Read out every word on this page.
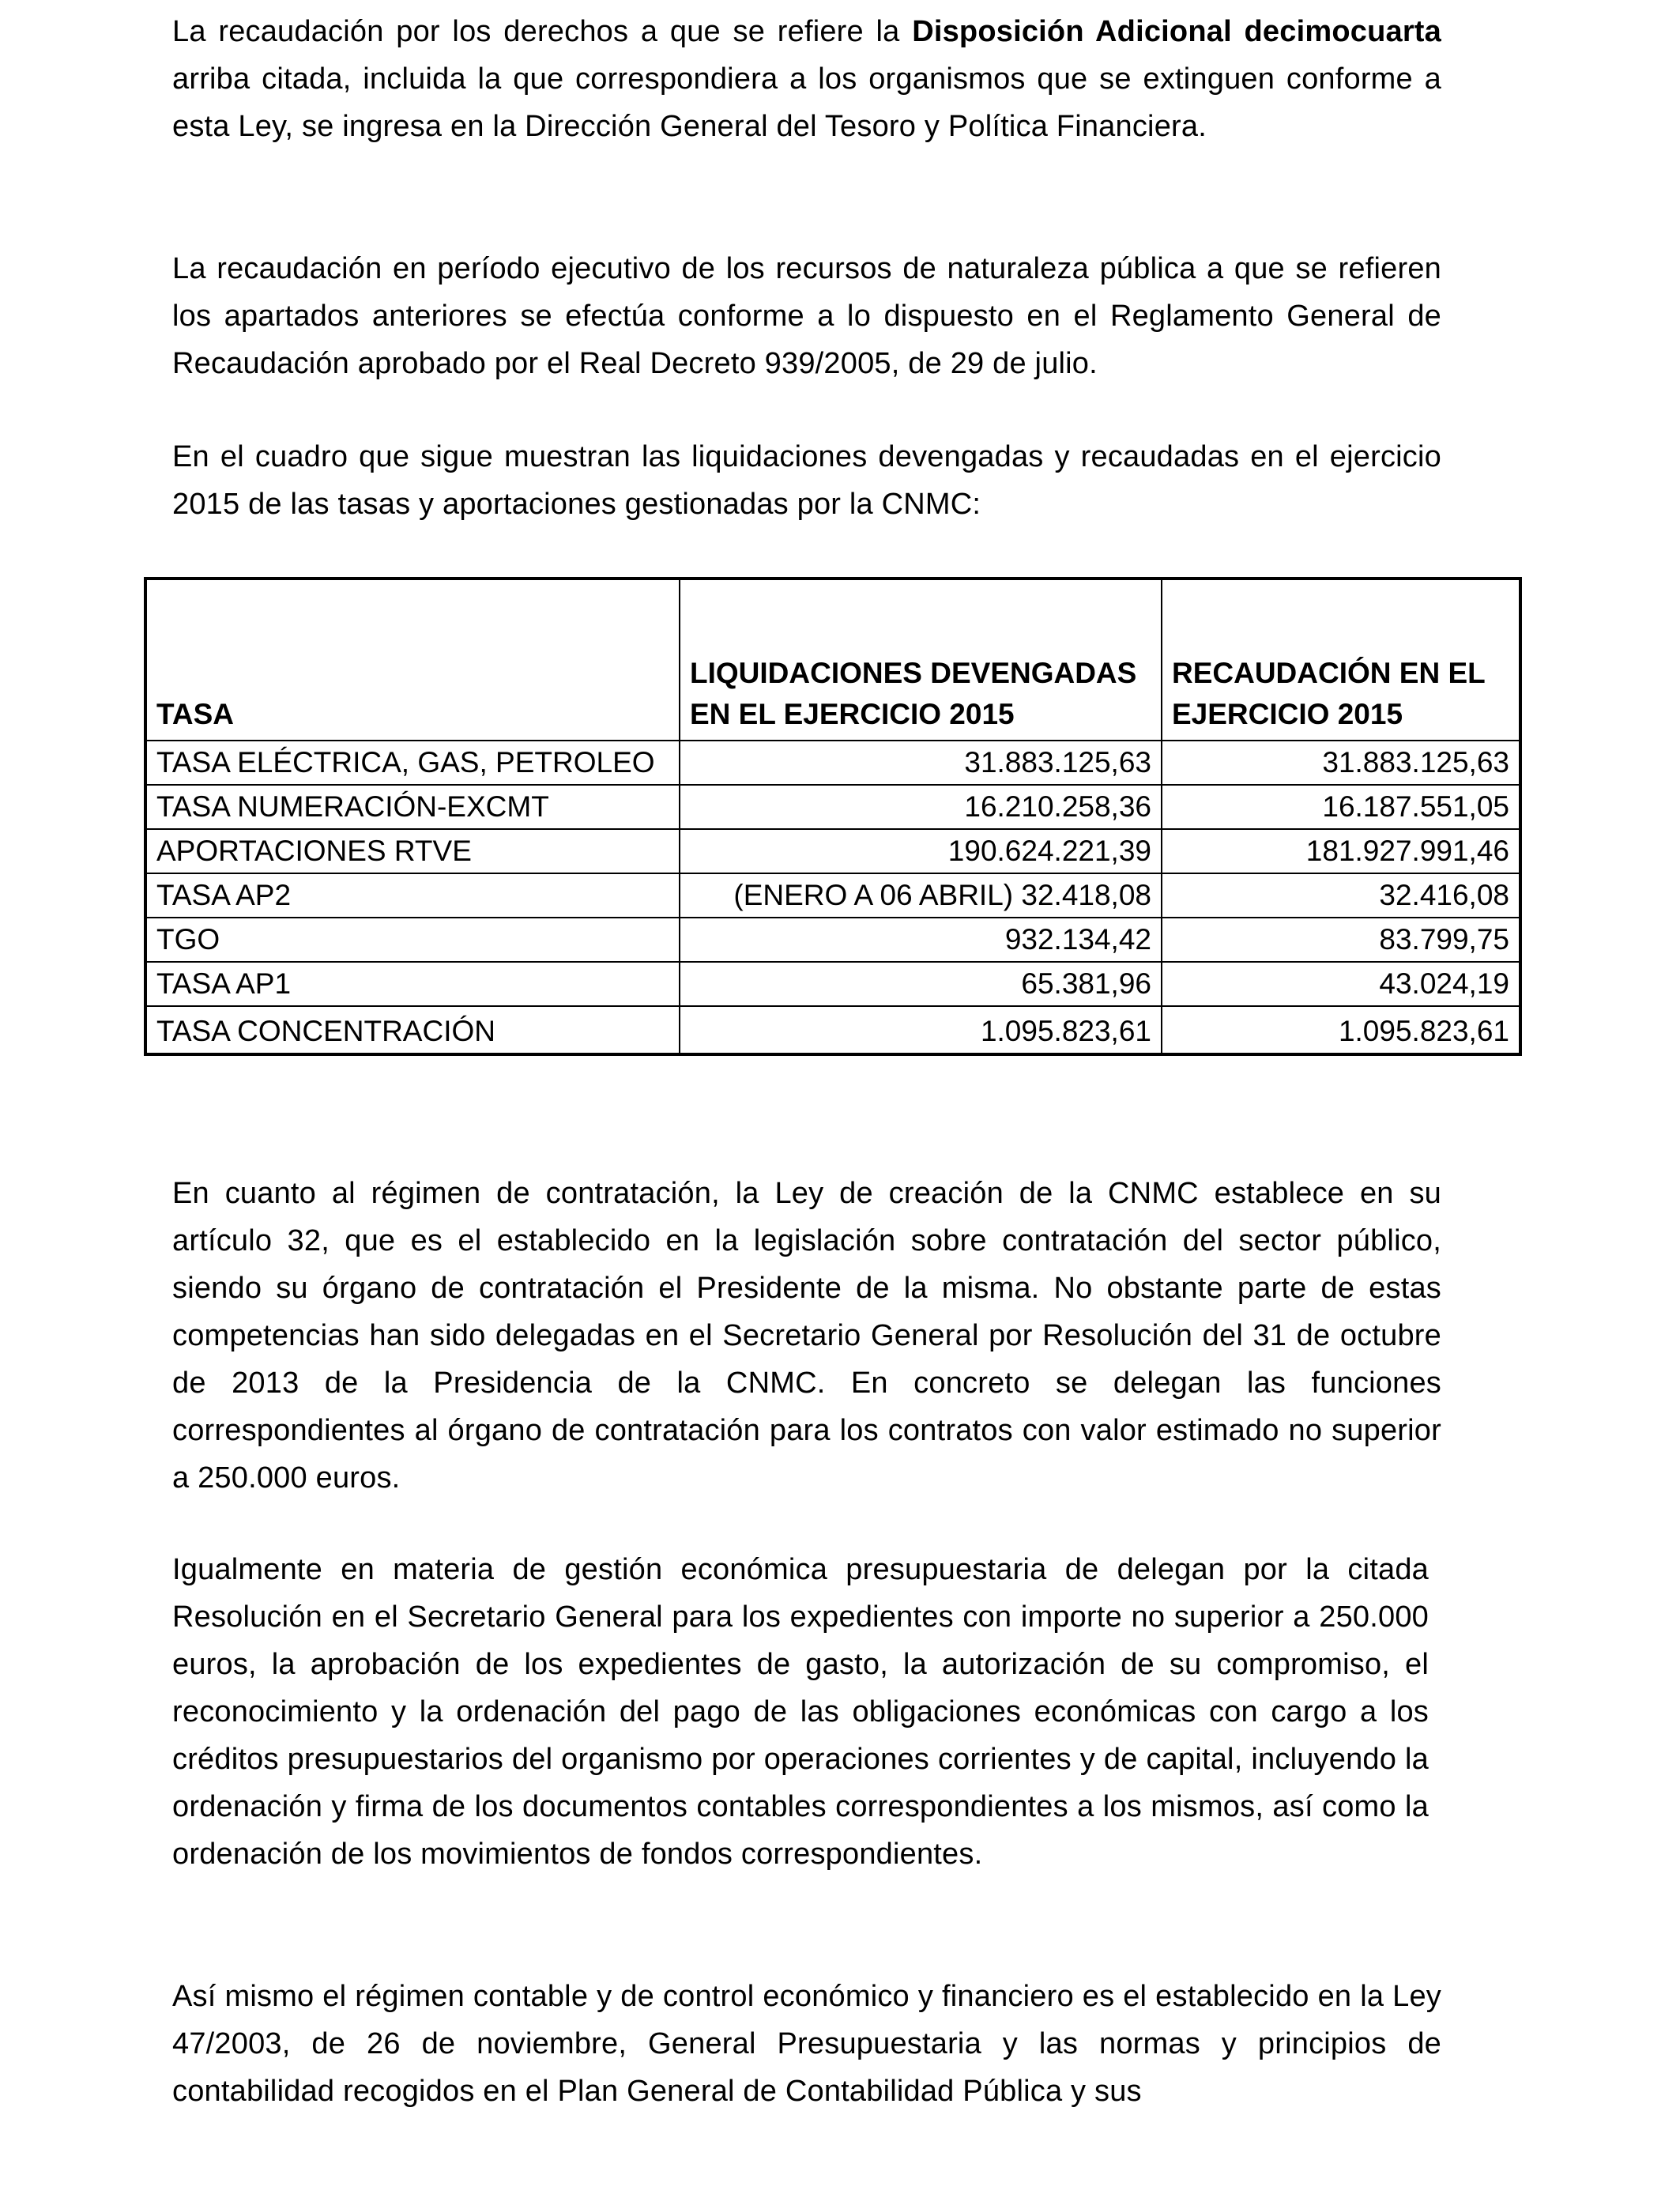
La recaudación por los derechos a que se refiere la Disposición Adicional decimocuarta arriba citada, incluida la que correspondiera a los organismos que se extinguen conforme a esta Ley, se ingresa en la Dirección General del Tesoro y Política Financiera.

La recaudación en período ejecutivo de los recursos de naturaleza pública a que se refieren los apartados anteriores se efectúa conforme a lo dispuesto en el Reglamento General de Recaudación aprobado por el Real Decreto 939/2005, de 29 de julio.

En el cuadro que sigue muestran las liquidaciones devengadas y recaudadas en el ejercicio 2015 de las tasas y aportaciones gestionadas por la CNMC:

TASA	LIQUIDACIONES DEVENGADAS EN EL EJERCICIO 2015	RECAUDACIÓN EN EL EJERCICIO 2015
TASA ELÉCTRICA, GAS, PETROLEO	31.883.125,63	31.883.125,63
TASA NUMERACIÓN-EXCMT	16.210.258,36	16.187.551,05
APORTACIONES RTVE	190.624.221,39	181.927.991,46
TASA AP2	(ENERO A 06 ABRIL) 32.418,08	32.416,08
TGO	932.134,42	83.799,75
TASA AP1	65.381,96	43.024,19
TASA CONCENTRACIÓN	1.095.823,61	1.095.823,61

En cuanto al régimen de contratación, la Ley de creación de la CNMC establece en su artículo 32, que es el establecido en la legislación sobre contratación del sector público, siendo su órgano de contratación el Presidente de la misma. No obstante parte de estas competencias han sido delegadas en el Secretario General por Resolución del 31 de octubre de 2013 de la Presidencia de la CNMC. En concreto se delegan las funciones correspondientes al órgano de contratación para los contratos con valor estimado no superior a 250.000 euros.

Igualmente en materia de gestión económica presupuestaria de delegan por la citada Resolución en el Secretario General para los expedientes con importe no superior a 250.000 euros, la aprobación de los expedientes de gasto, la autorización de su compromiso, el reconocimiento y la ordenación del pago de las obligaciones económicas con cargo a los créditos presupuestarios del organismo por operaciones corrientes y de capital, incluyendo la ordenación y firma de los documentos contables correspondientes a los mismos, así como la ordenación de los movimientos de fondos correspondientes.

Así mismo el régimen contable y de control económico y financiero es el establecido en la Ley 47/2003, de 26 de noviembre, General Presupuestaria y las normas y principios de contabilidad recogidos en el Plan General de Contabilidad Pública y sus
